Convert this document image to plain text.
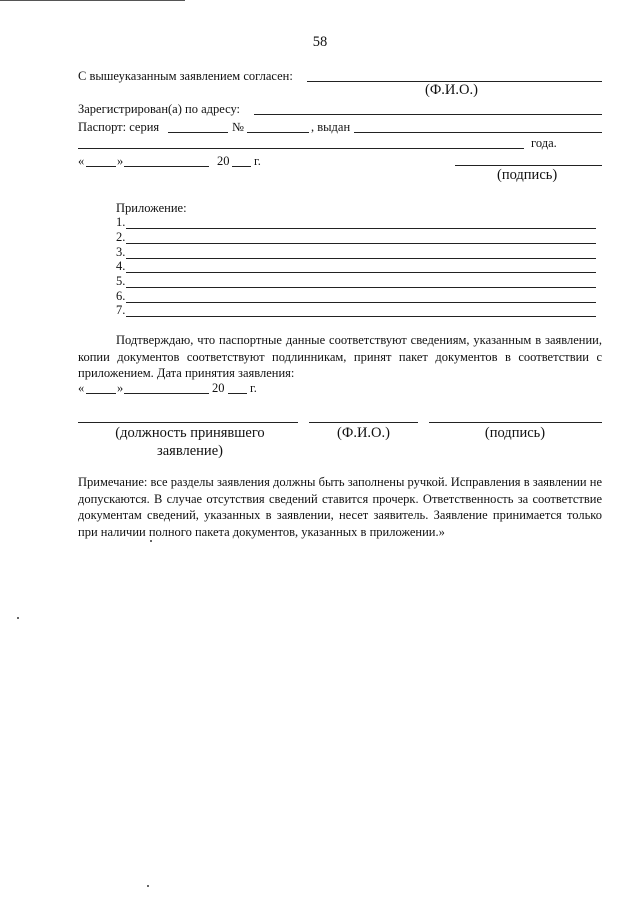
58
С вышеуказанным заявлением согласен:
(Ф.И.О.)
Зарегистрирован(а) по адресу:
Паспорт: серия	№	, выдан
года.
«	»	20 г.
(подпись)
Приложение:
1.
2.
3.
4.
5.
6.
7.
Подтверждаю, что паспортные данные соответствуют сведениям, указанным в заявлении, копии документов соответствуют подлинникам, принят пакет документов в соответствии с приложением. Дата принятия заявления:
«	»	20 г.
(должность принявшего
заявление)
(Ф.И.О.)	(подпись)
Примечание: все разделы заявления должны быть заполнены ручкой. Исправления в заявлении не допускаются. В случае отсутствия сведений ставится прочерк. Ответственность за соответствие документам сведений, указанных в заявлении, несет заявитель. Заявление принимается только при наличии полного пакета документов, указанных в приложении.»
